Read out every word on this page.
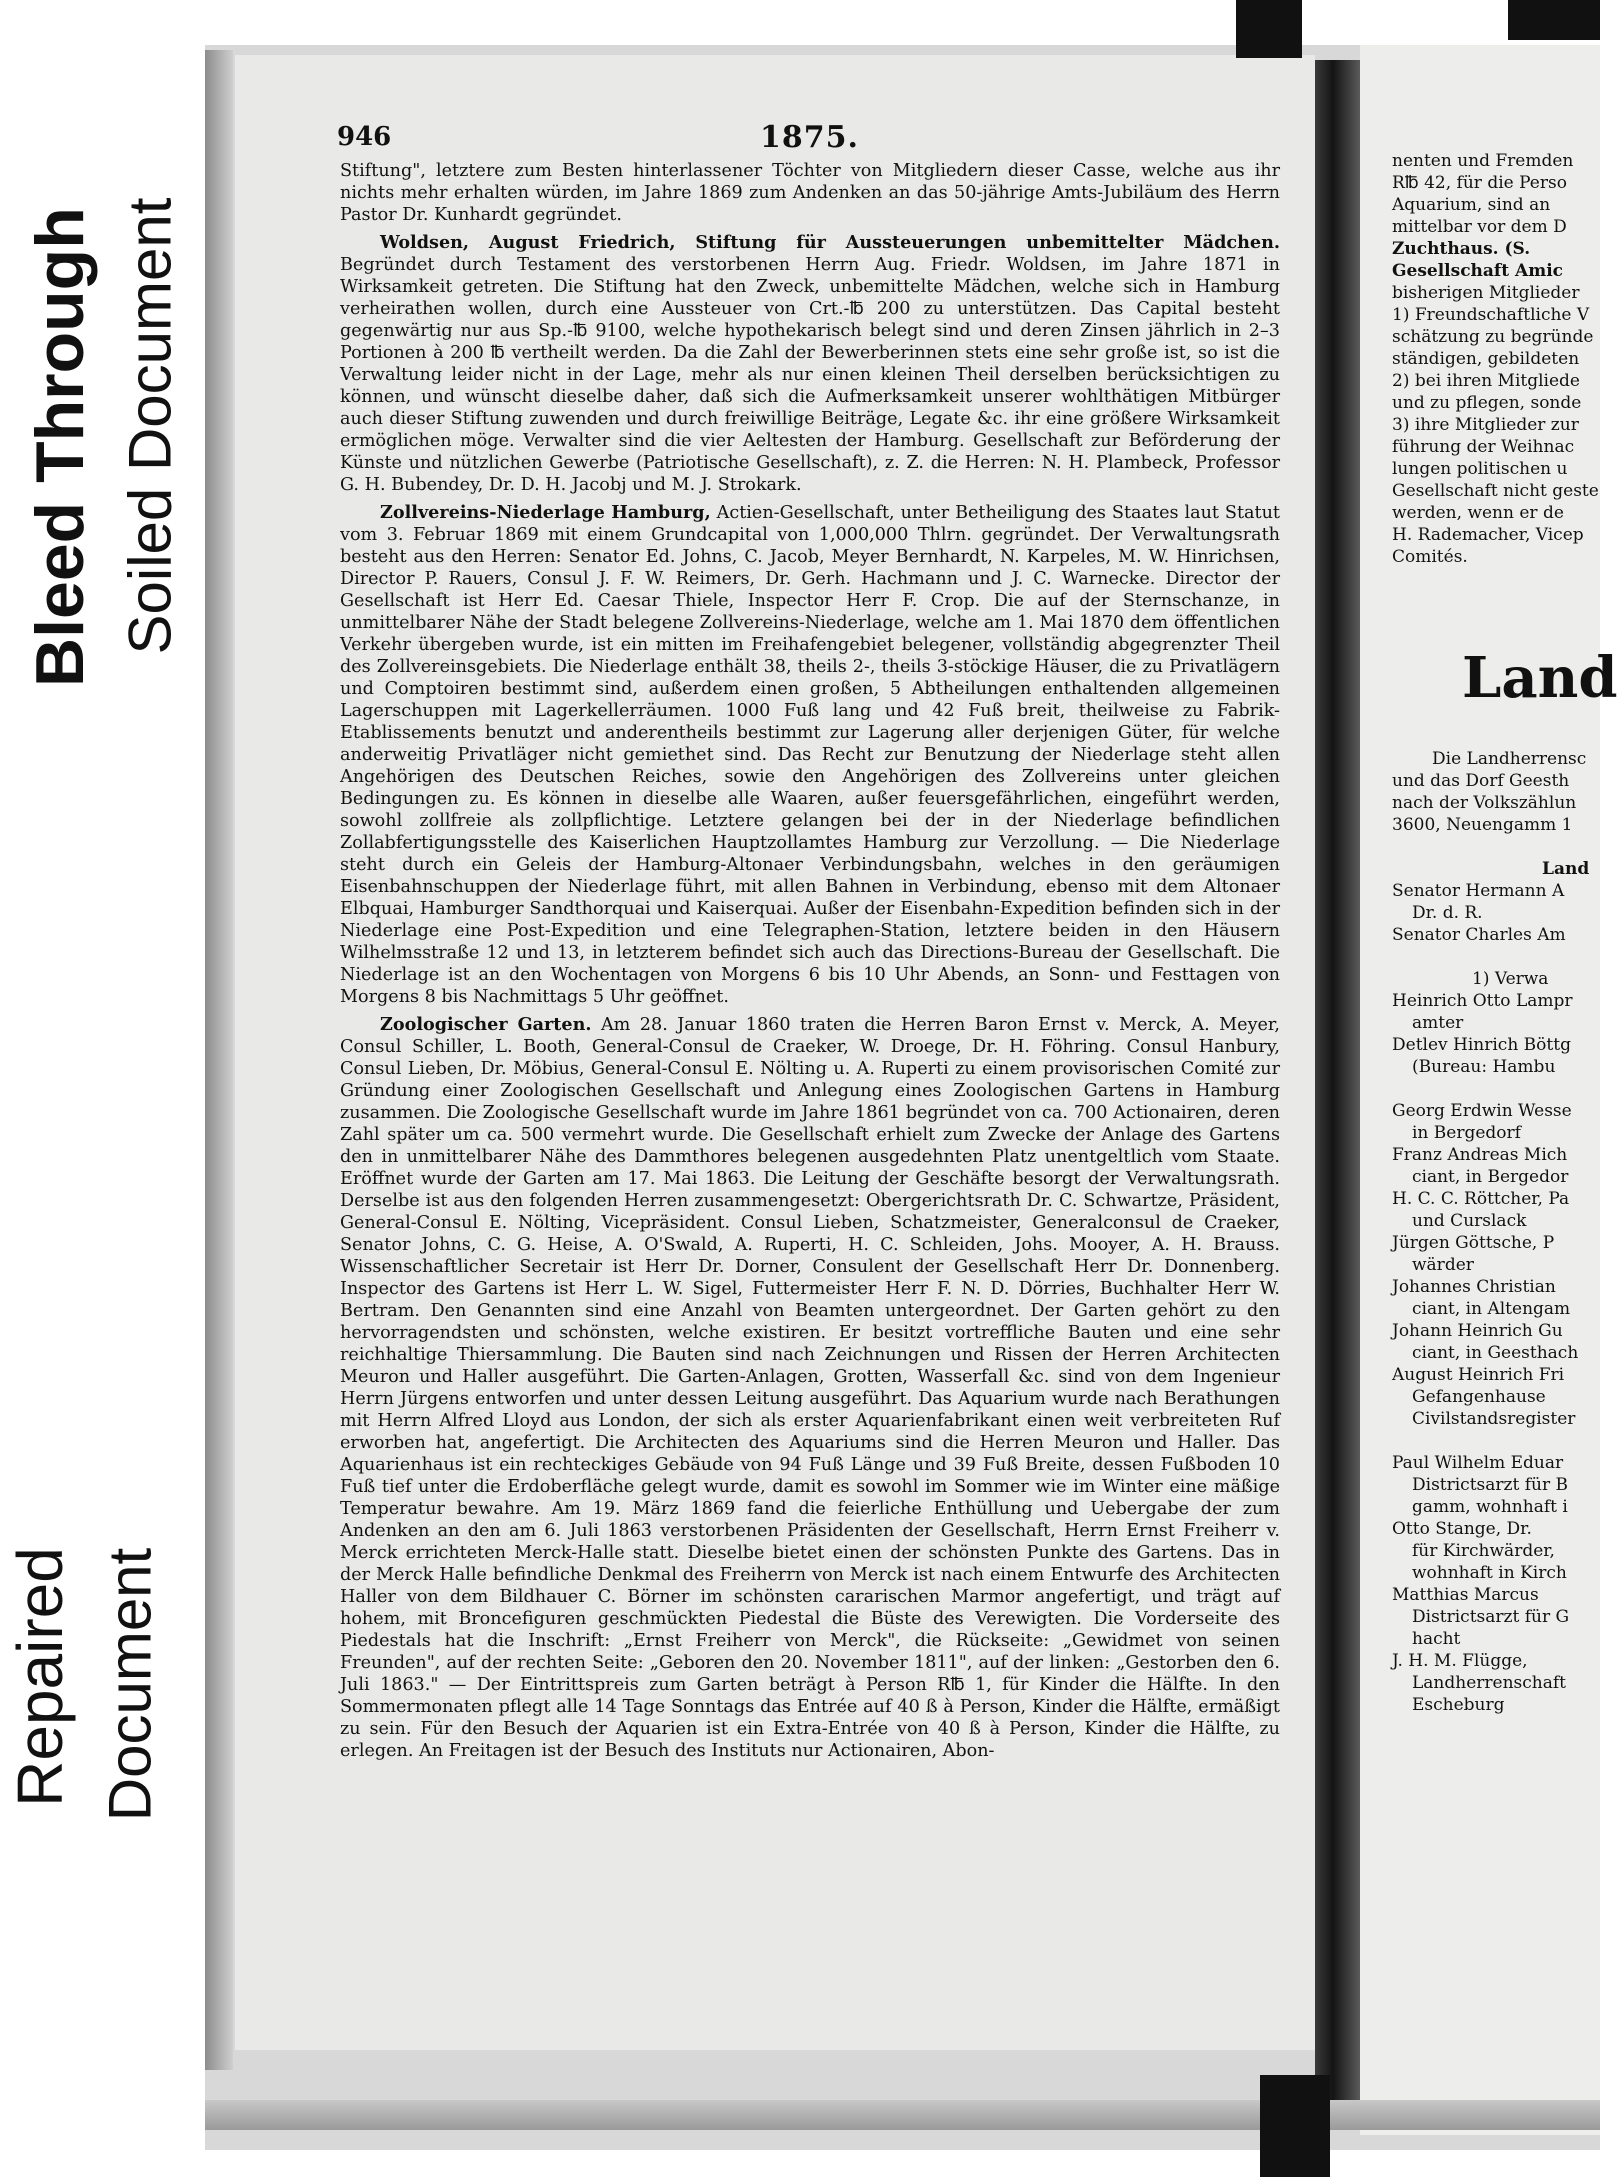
Bleed Through Soiled Document
Repaired Document
946	1875.

Stiftung", letztere zum Besten hinterlassener Töchter von Mitgliedern dieser Casse, welche aus ihr nichts mehr erhalten würden, im Jahre 1869 zum Andenken an das 50-jährige Amts-Jubiläum des Herrn Pastor Dr. Kunhardt gegründet.

Woldsen, August Friedrich, Stiftung für Aussteuerungen unbemittelter Mädchen. Begründet durch Testament des verstorbenen Herrn Aug. Friedr. Woldsen, im Jahre 1871 in Wirksamkeit getreten. Die Stiftung hat den Zweck, unbemittelte Mädchen, welche sich in Hamburg verheirathen wollen, durch eine Aussteuer von Crt.-℔ 200 zu unterstützen. Das Capital besteht gegenwärtig nur aus Sp.-℔ 9100, welche hypothekarisch belegt sind und deren Zinsen jährlich in 2–3 Portionen à 200 ℔ vertheilt werden. Da die Zahl der Bewerberinnen stets eine sehr große ist, so ist die Verwaltung leider nicht in der Lage, mehr als nur einen kleinen Theil derselben berücksichtigen zu können, und wünscht dieselbe daher, daß sich die Aufmerksamkeit unserer wohlthätigen Mitbürger auch dieser Stiftung zuwenden und durch freiwillige Beiträge, Legate &c. ihr eine größere Wirksamkeit ermöglichen möge. Verwalter sind die vier Aeltesten der Hamburg. Gesellschaft zur Beförderung der Künste und nützlichen Gewerbe (Patriotische Gesellschaft), z. Z. die Herren: N. H. Plambeck, Professor G. H. Bubendey, Dr. D. H. Jacobj und M. J. Strokark.

Zollvereins-Niederlage Hamburg, Actien-Gesellschaft, unter Betheiligung des Staates laut Statut vom 3. Februar 1869 mit einem Grundcapital von 1,000,000 Thlrn. gegründet. Der Verwaltungsrath besteht aus den Herren: Senator Ed. Johns, C. Jacob, Meyer Bernhardt, N. Karpeles, M. W. Hinrichsen, Director P. Rauers, Consul J. F. W. Reimers, Dr. Gerh. Hachmann und J. C. Warnecke. Director der Gesellschaft ist Herr Ed. Caesar Thiele, Inspector Herr F. Crop. Die auf der Sternschanze, in unmittelbarer Nähe der Stadt belegene Zollvereins-Niederlage, welche am 1. Mai 1870 dem öffentlichen Verkehr übergeben wurde, ist ein mitten im Freihafengebiet belegener, vollständig abgegrenzter Theil des Zollvereinsgebiets. Die Niederlage enthält 38, theils 2-, theils 3-stöckige Häuser, die zu Privatlägern und Comptoiren bestimmt sind, außerdem einen großen, 5 Abtheilungen enthaltenden allgemeinen Lagerschuppen mit Lagerkellerräumen. 1000 Fuß lang und 42 Fuß breit, theilweise zu Fabrik-Etablissements benutzt und anderentheils bestimmt zur Lagerung aller derjenigen Güter, für welche anderweitig Privatläger nicht gemiethet sind. Das Recht zur Benutzung der Niederlage steht allen Angehörigen des Deutschen Reiches, sowie den Angehörigen des Zollvereins unter gleichen Bedingungen zu. Es können in dieselbe alle Waaren, außer feuersgefährlichen, eingeführt werden, sowohl zollfreie als zollpflichtige. Letztere gelangen bei der in der Niederlage befindlichen Zollabfertigungsstelle des Kaiserlichen Hauptzollamtes Hamburg zur Verzollung. — Die Niederlage steht durch ein Geleis der Hamburg-Altonaer Verbindungsbahn, welches in den geräumigen Eisenbahnschuppen der Niederlage führt, mit allen Bahnen in Verbindung, ebenso mit dem Altonaer Elbquai, Hamburger Sandthorquai und Kaiserquai. Außer der Eisenbahn-Expedition befinden sich in der Niederlage eine Post-Expedition und eine Telegraphen-Station, letztere beiden in den Häusern Wilhelmsstraße 12 und 13, in letzterem befindet sich auch das Directions-Bureau der Gesellschaft. Die Niederlage ist an den Wochentagen von Morgens 6 bis 10 Uhr Abends, an Sonn- und Festtagen von Morgens 8 bis Nachmittags 5 Uhr geöffnet.

Zoologischer Garten. Am 28. Januar 1860 traten die Herren Baron Ernst v. Merck, A. Meyer, Consul Schiller, L. Booth, General-Consul de Craeker, W. Droege, Dr. H. Föhring. Consul Hanbury, Consul Lieben, Dr. Möbius, General-Consul E. Nölting u. A. Ruperti zu einem provisorischen Comité zur Gründung einer Zoologischen Gesellschaft und Anlegung eines Zoologischen Gartens in Hamburg zusammen. Die Zoologische Gesellschaft wurde im Jahre 1861 begründet von ca. 700 Actionairen, deren Zahl später um ca. 500 vermehrt wurde. Die Gesellschaft erhielt zum Zwecke der Anlage des Gartens den in unmittelbarer Nähe des Dammthores belegenen ausgedehnten Platz unentgeltlich vom Staate. Eröffnet wurde der Garten am 17. Mai 1863. Die Leitung der Geschäfte besorgt der Verwaltungsrath. Derselbe ist aus den folgenden Herren zusammengesetzt: Obergerichtsrath Dr. C. Schwartze, Präsident, General-Consul E. Nölting, Vicepräsident. Consul Lieben, Schatzmeister, Generalconsul de Craeker, Senator Johns, C. G. Heise, A. O'Swald, A. Ruperti, H. C. Schleiden, Johs. Mooyer, A. H. Brauss. Wissenschaftlicher Secretair ist Herr Dr. Dorner, Consulent der Gesellschaft Herr Dr. Donnenberg. Inspector des Gartens ist Herr L. W. Sigel, Futtermeister Herr F. N. D. Dörries, Buchhalter Herr W. Bertram. Den Genannten sind eine Anzahl von Beamten untergeordnet. Der Garten gehört zu den hervorragendsten und schönsten, welche existiren. Er besitzt vortreffliche Bauten und eine sehr reichhaltige Thiersammlung. Die Bauten sind nach Zeichnungen und Rissen der Herren Architecten Meuron und Haller ausgeführt. Die Garten-Anlagen, Grotten, Wasserfall &c. sind von dem Ingenieur Herrn Jürgens entworfen und unter dessen Leitung ausgeführt. Das Aquarium wurde nach Berathungen mit Herrn Alfred Lloyd aus London, der sich als erster Aquarienfabrikant einen weit verbreiteten Ruf erworben hat, angefertigt. Die Architecten des Aquariums sind die Herren Meuron und Haller. Das Aquarienhaus ist ein rechteckiges Gebäude von 94 Fuß Länge und 39 Fuß Breite, dessen Fußboden 10 Fuß tief unter die Erdoberfläche gelegt wurde, damit es sowohl im Sommer wie im Winter eine mäßige Temperatur bewahre. Am 19. März 1869 fand die feierliche Enthüllung und Uebergabe der zum Andenken an den am 6. Juli 1863 verstorbenen Präsidenten der Gesellschaft, Herrn Ernst Freiherr v. Merck errichteten Merck-Halle statt. Dieselbe bietet einen der schönsten Punkte des Gartens. Das in der Merck Halle befindliche Denkmal des Freiherrn von Merck ist nach einem Entwurfe des Architecten Haller von dem Bildhauer C. Börner im schönsten cararischen Marmor angefertigt, und trägt auf hohem, mit Broncefiguren geschmückten Piedestal die Büste des Verewigten. Die Vorderseite des Piedestals hat die Inschrift: „Ernst Freiherr von Merck", die Rückseite: „Gewidmet von seinen Freunden", auf der rechten Seite: „Geboren den 20. November 1811", auf der linken: „Gestorben den 6. Juli 1863." — Der Eintrittspreis zum Garten beträgt à Person R℔ 1, für Kinder die Hälfte. In den Sommermonaten pflegt alle 14 Tage Sonntags das Entrée auf 40 ß à Person, Kinder die Hälfte, ermäßigt zu sein. Für den Besuch der Aquarien ist ein Extra-Entrée von 40 ß à Person, Kinder die Hälfte, zu erlegen. An Freitagen ist der Besuch des Instituts nur Actionairen, Abon-

nenten und Fremden
R℔ 42, für die Perso
Aquarium, sind an
mittelbar vor dem D
Zuchthaus. (S.
Gesellschaft Amic
bisherigen Mitglieder
1) Freundschaftliche V
schätzung zu begründe
ständigen, gebildeten
2) bei ihren Mitgliede
und zu pflegen, sonde
3) ihre Mitglieder zur
führung der Weihnac
lungen politischen u
Gesellschaft nicht geste
werden, wenn er de
H. Rademacher, Vicep
Comités.
Land
Die Landherrensc
und das Dorf Geesth
nach der Volkszählun
3600, Neuengamm 1
Land
Senator Hermann A
Dr. d. R.
Senator Charles Am
1) Verwa
Heinrich Otto Lampr
amter
Detlev Hinrich Böttg
(Bureau: Hambu
Georg Erdwin Wesse
in Bergedorf
Franz Andreas Mich
ciant, in Bergedor
H. C. C. Röttcher, Pa
und Curslack
Jürgen Göttsche, P
wärder
Johannes Christian
ciant, in Altengam
Johann Heinrich Gu
ciant, in Geesthach
August Heinrich Fri
Gefangenhause
Civilstandsregister
Paul Wilhelm Eduar
Districtsarzt für B
gamm, wohnhaft i
Otto Stange, Dr.
für Kirchwärder,
wohnhaft in Kirch
Matthias Marcus
Districtsarzt für G
hacht
J. H. M. Flügge,
Landherrenschaft
Escheburg
